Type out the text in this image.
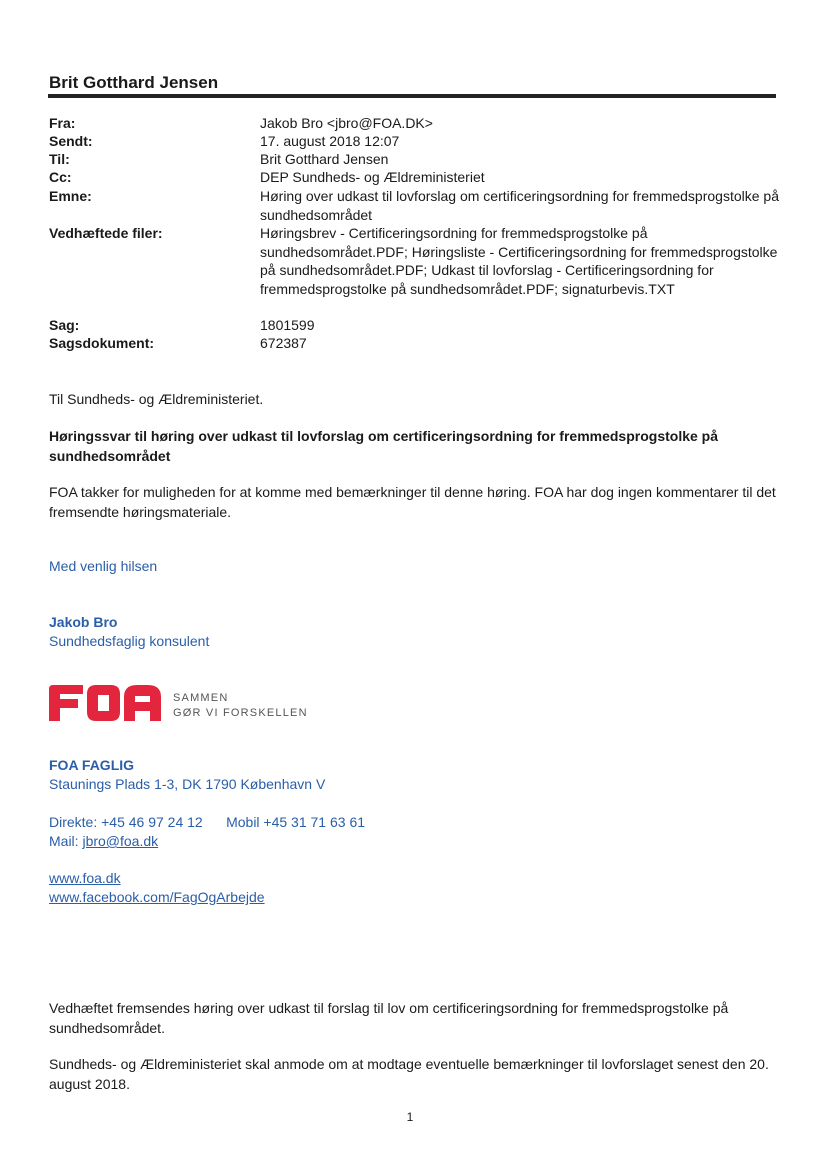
Brit Gotthard Jensen
Fra:	Jakob Bro <jbro@FOA.DK>
Sendt:	17. august 2018 12:07
Til:	Brit Gotthard Jensen
Cc:	DEP Sundheds- og Ældreministeriet
Emne:	Høring over udkast til lovforslag om certificeringsordning for fremmedsprogstolke på sundhedsområdet
Vedhæftede filer:	Høringsbrev - Certificeringsordning for fremmedsprogstolke på sundhedsområdet.PDF; Høringsliste - Certificeringsordning for fremmedsprogstolke på sundhedsområdet.PDF; Udkast til lovforslag - Certificeringsordning for fremmedsprogstolke på sundhedsområdet.PDF; signaturbevis.TXT
Sag:	1801599
Sagsdokument:	672387
Til Sundheds- og Ældreministeriet.
Høringssvar til høring over udkast til lovforslag om certificeringsordning for fremmedsprogstolke på sundhedsområdet
FOA takker for muligheden for at komme med bemærkninger til denne høring. FOA har dog ingen kommentarer til det fremsendte høringsmateriale.
Med venlig hilsen
Jakob Bro
Sundhedsfaglig konsulent
SAMMEN
GØR VI FORSKELLEN
FOA FAGLIG
Staunings Plads 1-3, DK 1790 København V
Direkte: +45 46 97 24 12 Mobil +45 31 71 63 61
Mail: jbro@foa.dk
www.foa.dk
www.facebook.com/FagOgArbejde
Vedhæftet fremsendes høring over udkast til forslag til lov om certificeringsordning for fremmedsprogstolke på sundhedsområdet.
Sundheds- og Ældreministeriet skal anmode om at modtage eventuelle bemærkninger til lovforslaget senest den 20. august 2018.
1
